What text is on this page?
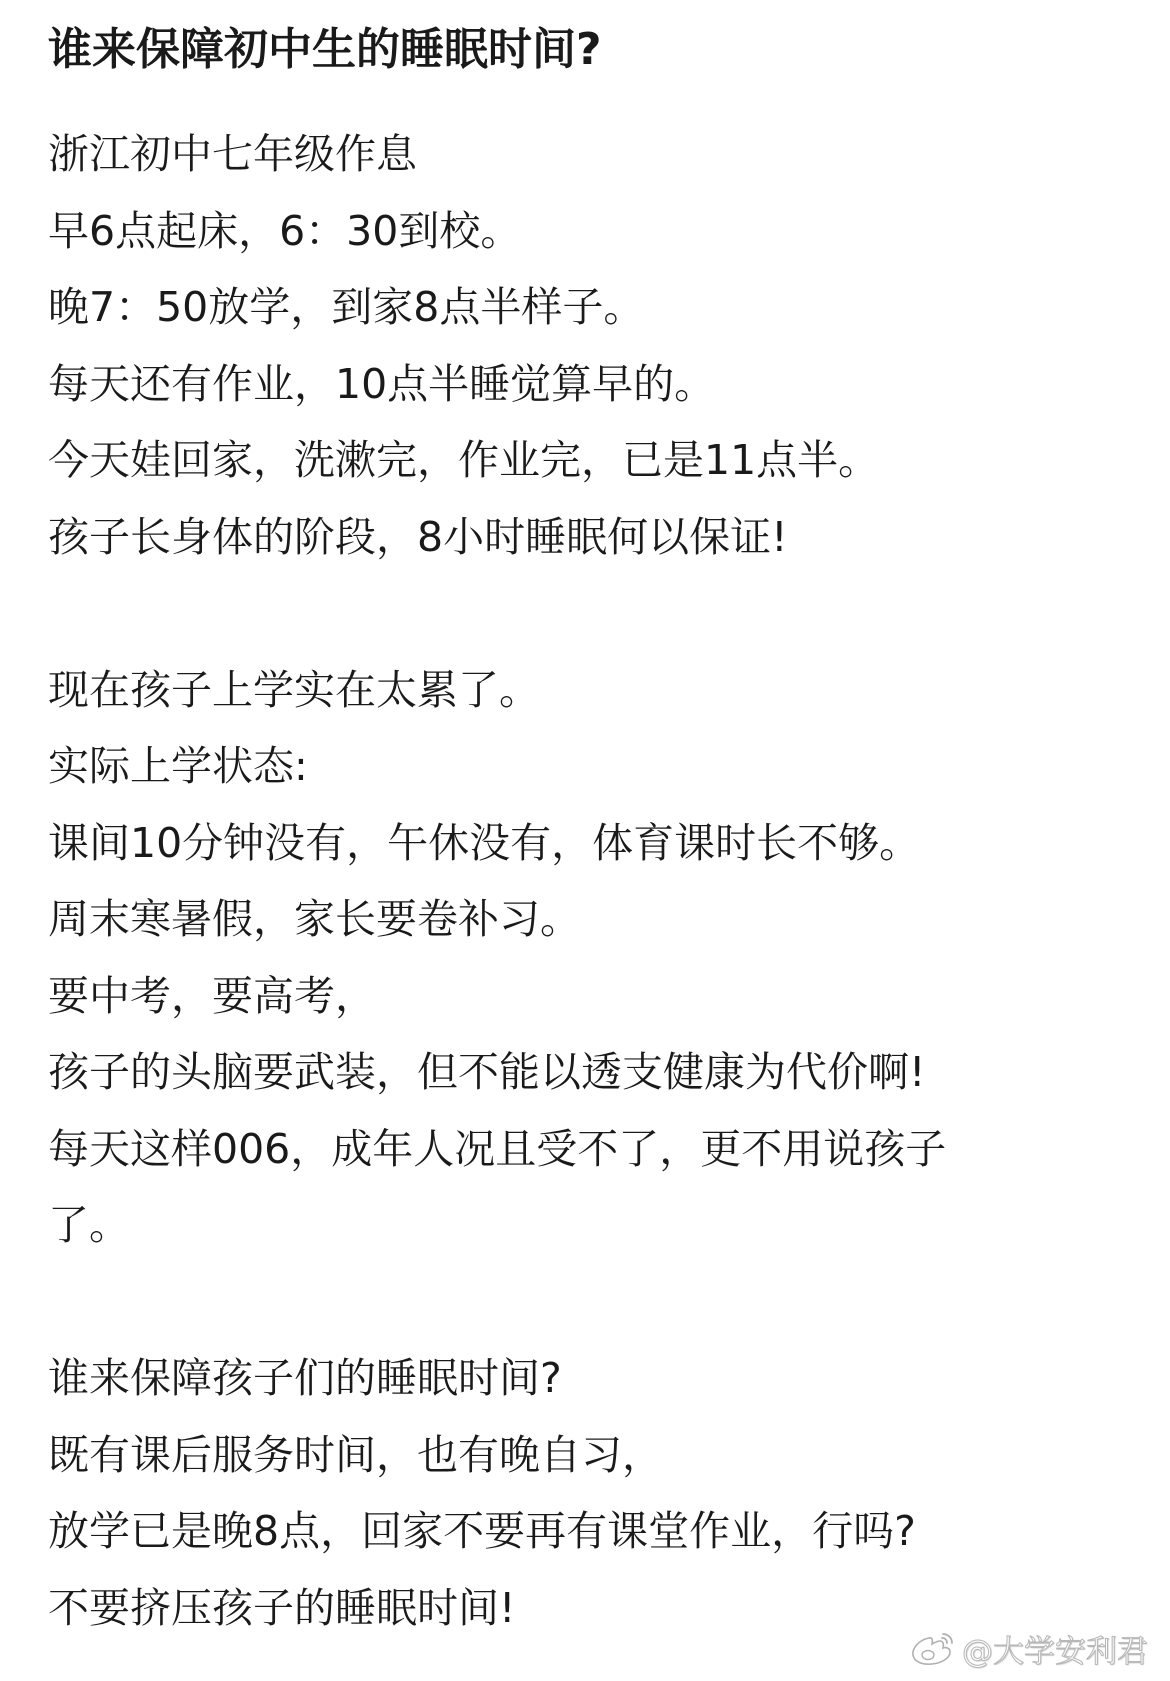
谁来保障初中生的睡眠时间?
浙江初中七年级作息
早6点起床，6：30到校。
晚7：50放学，到家8点半样子。
每天还有作业，10点半睡觉算早的。
今天娃回家，洗漱完，作业完，已是11点半。
孩子长身体的阶段，8小时睡眠何以保证!
现在孩子上学实在太累了。
实际上学状态:
课间10分钟没有，午休没有，体育课时长不够。
周末寒暑假，家长要卷补习。
要中考，要高考，
孩子的头脑要武装，但不能以透支健康为代价啊!
每天这样006，成年人况且受不了，更不用说孩子
了。
谁来保障孩子们的睡眠时间?
既有课后服务时间，也有晚自习，
放学已是晚8点，回家不要再有课堂作业，行吗?
不要挤压孩子的睡眠时间!
@大学安利君
